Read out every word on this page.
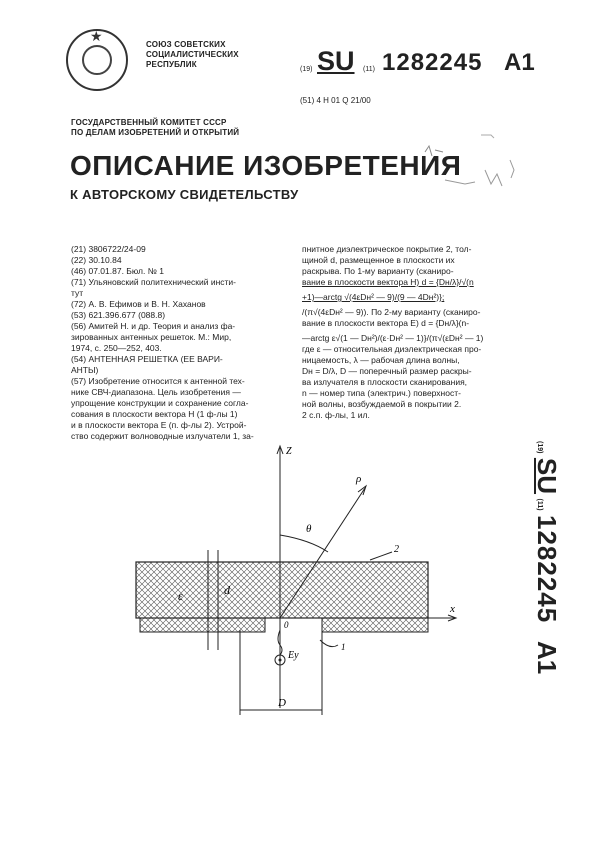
★
СОЮЗ СОВЕТСКИХ
СОЦИАЛИСТИЧЕСКИХ
РЕСПУБЛИК
(19) SU (11) 1282245 A1
(51) 4 H 01 Q 21/00
ГОСУДАРСТВЕННЫЙ КОМИТЕТ СССР
ПО ДЕЛАМ ИЗОБРЕТЕНИЙ И ОТКРЫТИЙ
ОПИСАНИЕ ИЗОБРЕТЕНИЯ
К АВТОРСКОМУ СВИДЕТЕЛЬСТВУ
(21) 3806722/24-09
(22) 30.10.84
(46) 07.01.87. Бюл. № 1
(71) Ульяновский политехнический инсти-
тут
(72) А. В. Ефимов и В. Н. Хаханов
(53) 621.396.677 (088.8)
(56) Амитей Н. и др. Теория и анализ фа-
зированных антенных решеток. М.: Мир,
1974, с. 250—252, 403.
(54) АНТЕННАЯ РЕШЕТКА (ЕЕ ВАРИ-
АНТЫ)
(57) Изобретение относится к антенной тех-
нике СВЧ-диапазона. Цель изобретения —
упрощение конструкции и сохранение согла-
сования в плоскости вектора H (1 ф-лы 1)
и в плоскости вектора E (п. ф-лы 2). Устрой-
ство содержит волноводные излучатели 1, за-
пнитное диэлектрическое покрытие 2, тол-
щиной d, размещенное в плоскости их
раскрыва. По 1-му варианту (сканиро-
вание в плоскости вектора H) d = {Dн/λ}/√(n
+1)—arctg √(4εDн² — 9)/(9 — 4Dн²)};
/(π√(4εDн² — 9)). По 2-му варианту (сканиро-
вание в плоскости вектора E) d = {Dн/λ}(n-
—arctg ε√(1 — Dн²)/(ε·Dн² — 1)}/(π√(εDн² — 1)
где ε — относительная диэлектрическая про-
ницаемость, λ — рабочая длина волны,
Dн = D/λ, D — поперечный размер раскры-
ва излучателя в плоскости сканирования,
n — номер типа (электрич.) поверхност-
ной волны, возбуждаемой в покрытии 2.
2 с.п. ф-лы, 1 ил.
Z
ρ
θ
ε	d
x
0
Ey
1
2
D
(19) SU (11) 1282245    A1
